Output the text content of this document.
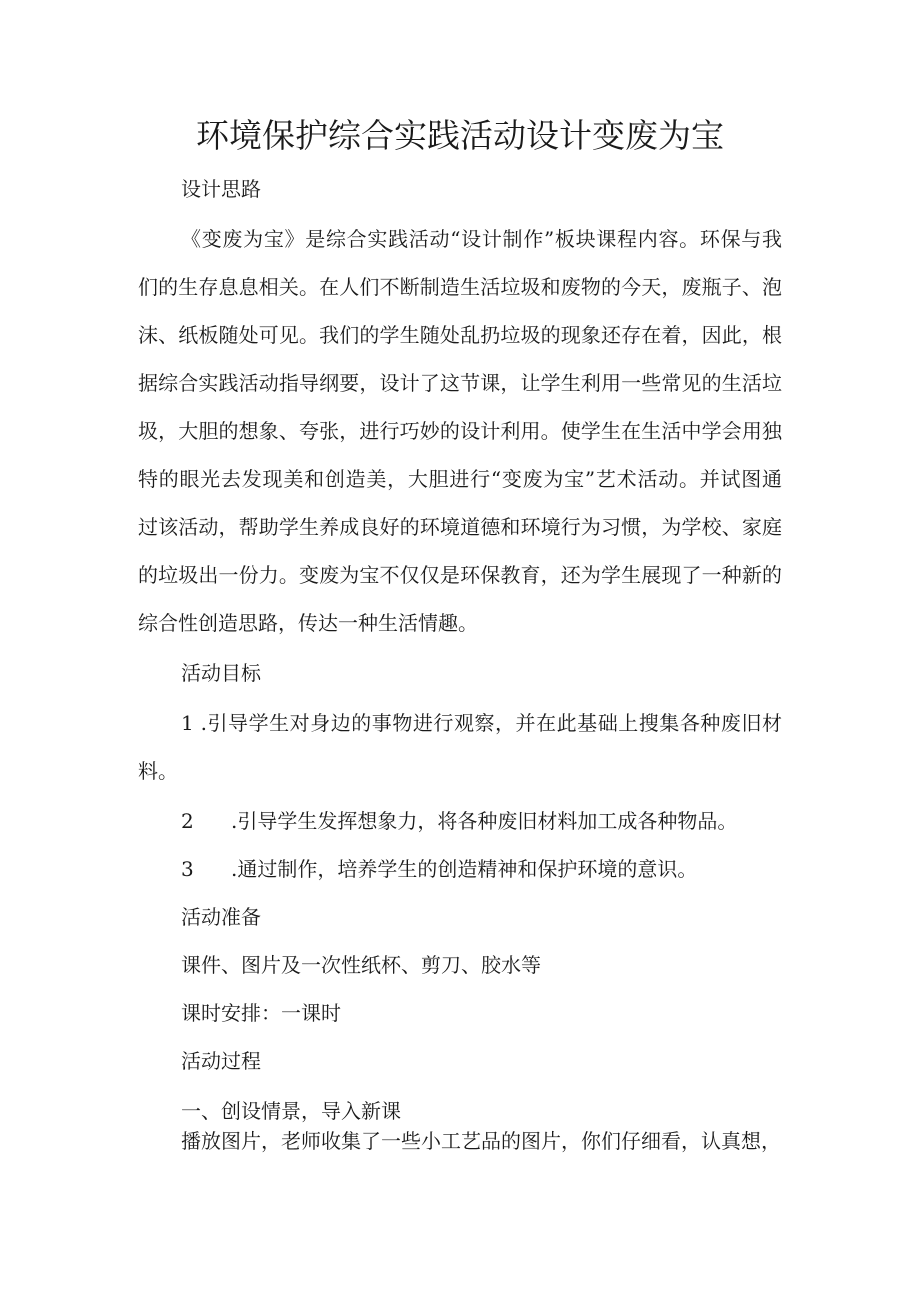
环境保护综合实践活动设计变废为宝

设计思路

《变废为宝》是综合实践活动“设计制作”板块课程内容。环保与我

们的生存息息相关。在人们不断制造生活垃圾和废物的今天，废瓶子、泡

沫、纸板随处可见。我们的学生随处乱扔垃圾的现象还存在着，因此，根

据综合实践活动指导纲要，设计了这节课，让学生利用一些常见的生活垃

圾，大胆的想象、夸张，进行巧妙的设计利用。使学生在生活中学会用独

特的眼光去发现美和创造美，大胆进行“变废为宝”艺术活动。并试图通

过该活动，帮助学生养成良好的环境道德和环境行为习惯，为学校、家庭

的垃圾出一份力。变废为宝不仅仅是环保教育，还为学生展现了一种新的

综合性创造思路，传达一种生活情趣。

活动目标

1 .引导学生对身边的事物进行观察，并在此基础上搜集各种废旧材

料。

2 .引导学生发挥想象力，将各种废旧材料加工成各种物品。

3 .通过制作，培养学生的创造精神和保护环境的意识。

活动准备

课件、图片及一次性纸杯、剪刀、胶水等

课时安排：一课时

活动过程

一、创设情景，导入新课

播放图片，老师收集了一些小工艺品的图片，你们仔细看，认真想，
